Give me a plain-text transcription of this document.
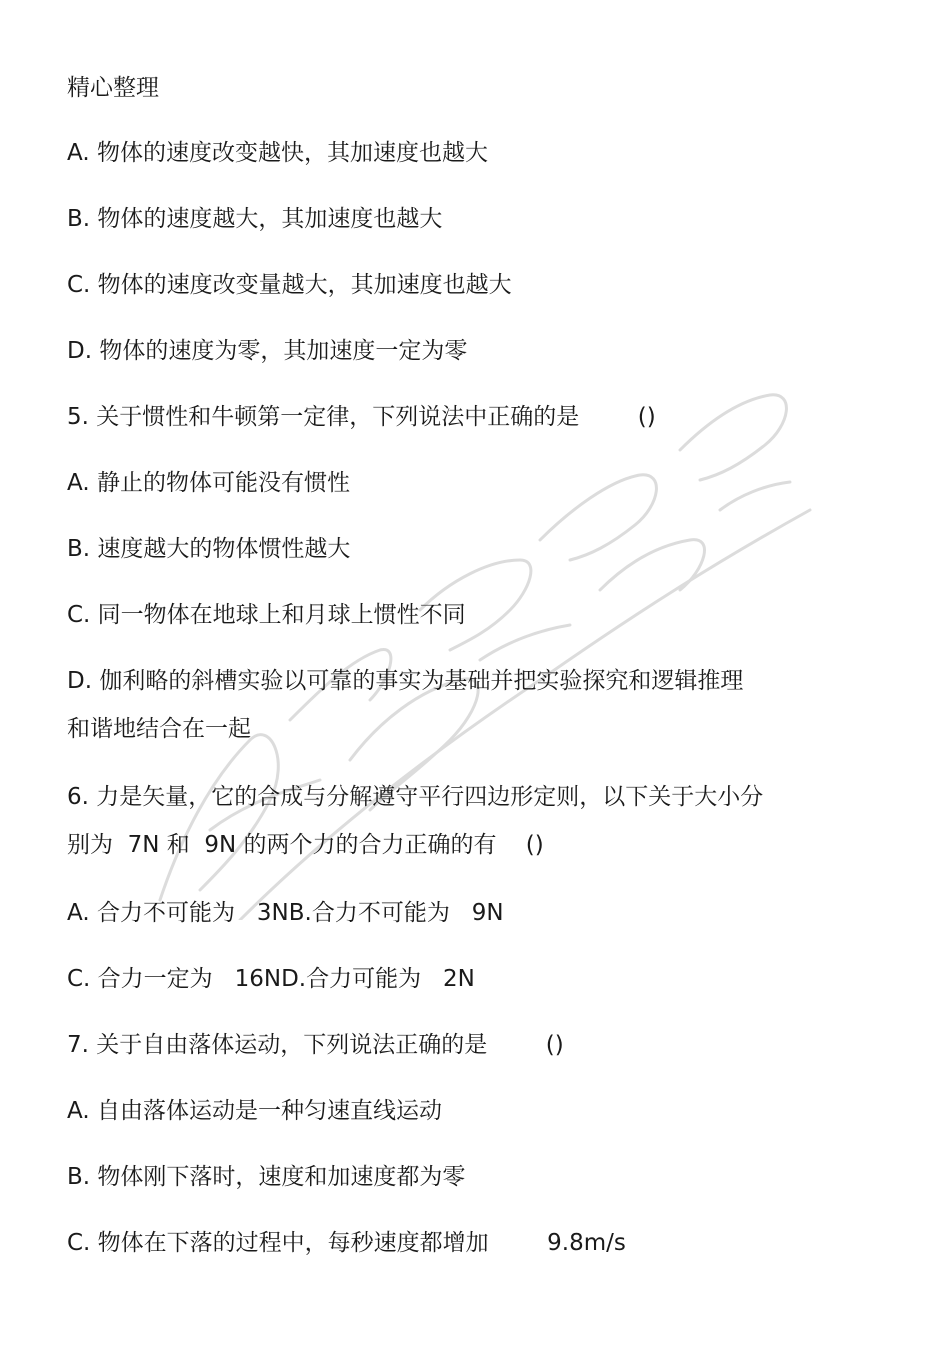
精心整理
A. 物体的速度改变越快，其加速度也越大
B. 物体的速度越大，其加速度也越大
C. 物体的速度改变量越大，其加速度也越大
D. 物体的速度为零，其加速度一定为零
5. 关于惯性和牛顿第一定律，下列说法中正确的是        ()
A. 静止的物体可能没有惯性
B. 速度越大的物体惯性越大
C. 同一物体在地球上和月球上惯性不同
D. 伽利略的斜槽实验以可靠的事实为基础并把实验探究和逻辑推理
和谐地结合在一起
6. 力是矢量，它的合成与分解遵守平行四边形定则，以下关于大小分
别为  7N 和  9N 的两个力的合力正确的有    ()
A. 合力不可能为   3NB.合力不可能为   9N
C. 合力一定为   16ND.合力可能为   2N
7. 关于自由落体运动，下列说法正确的是        ()
A. 自由落体运动是一种匀速直线运动
B. 物体刚下落时，速度和加速度都为零
C. 物体在下落的过程中，每秒速度都增加        9.8m/s
